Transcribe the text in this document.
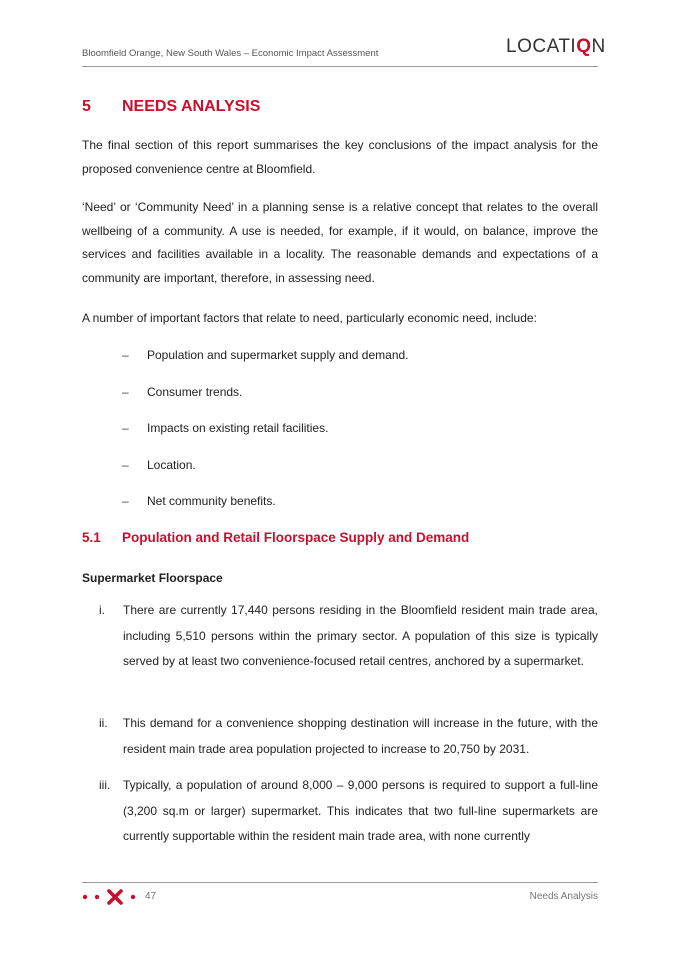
Bloomfield Orange, New South Wales – Economic Impact Assessment	LOCATIQN
5 NEEDS ANALYSIS

The final section of this report summarises the key conclusions of the impact analysis for the proposed convenience centre at Bloomfield.

‘Need’ or ‘Community Need’ in a planning sense is a relative concept that relates to the overall wellbeing of a community. A use is needed, for example, if it would, on balance, improve the services and facilities available in a locality. The reasonable demands and expectations of a community are important, therefore, in assessing need.

A number of important factors that relate to need, particularly economic need, include:

– Population and supermarket supply and demand.
– Consumer trends.
– Impacts on existing retail facilities.
– Location.
– Net community benefits.
5.1 Population and Retail Floorspace Supply and Demand
Supermarket Floorspace
i. There are currently 17,440 persons residing in the Bloomfield resident main trade area, including 5,510 persons within the primary sector. A population of this size is typically served by at least two convenience-focused retail centres, anchored by a supermarket.
ii. This demand for a convenience shopping destination will increase in the future, with the resident main trade area population projected to increase to 20,750 by 2031.
iii. Typically, a population of around 8,000 – 9,000 persons is required to support a full-line (3,200 sq.m or larger) supermarket. This indicates that two full-line supermarkets are currently supportable within the resident main trade area, with none currently
47	Needs Analysis
